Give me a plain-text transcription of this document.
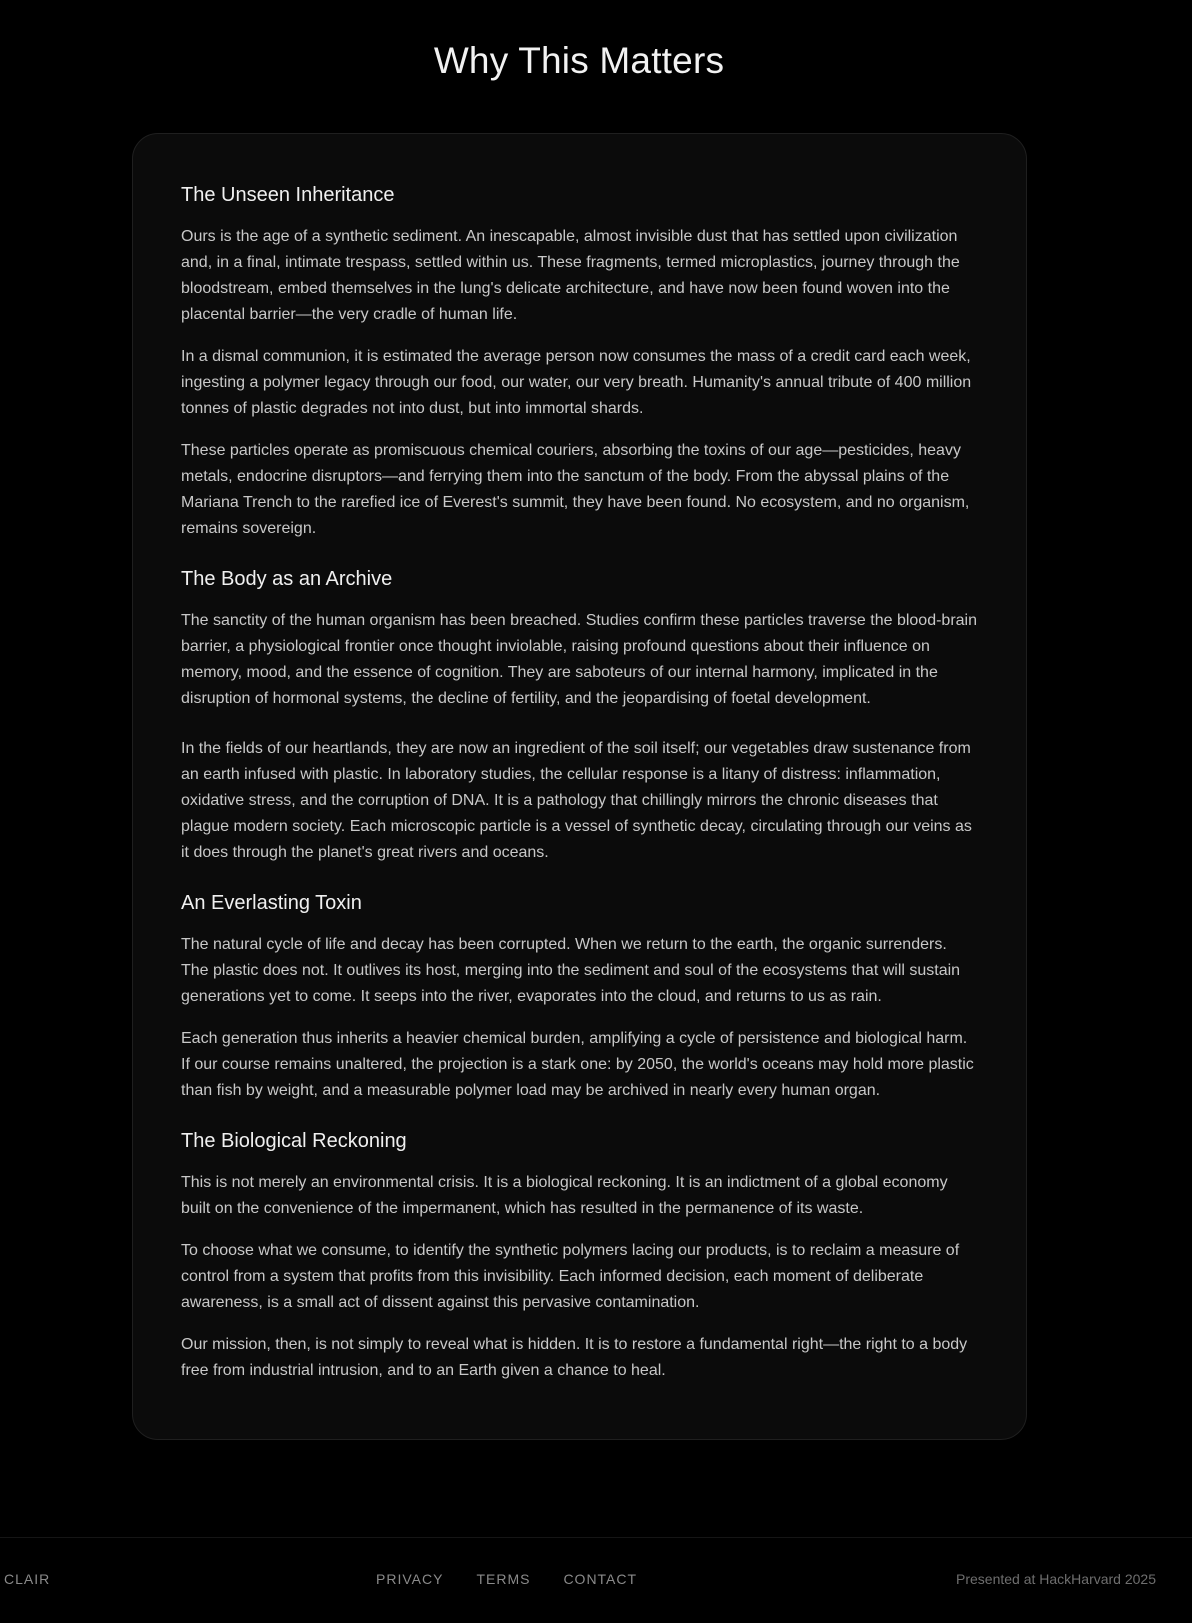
Why This Matters
The Unseen Inheritance

Ours is the age of a synthetic sediment. An inescapable, almost invisible dust that has settled upon civilization and, in a final, intimate trespass, settled within us. These fragments, termed microplastics, journey through the bloodstream, embed themselves in the lung's delicate architecture, and have now been found woven into the placental barrier—the very cradle of human life.

In a dismal communion, it is estimated the average person now consumes the mass of a credit card each week, ingesting a polymer legacy through our food, our water, our very breath. Humanity's annual tribute of 400 million tonnes of plastic degrades not into dust, but into immortal shards.

These particles operate as promiscuous chemical couriers, absorbing the toxins of our age—pesticides, heavy metals, endocrine disruptors—and ferrying them into the sanctum of the body. From the abyssal plains of the Mariana Trench to the rarefied ice of Everest's summit, they have been found. No ecosystem, and no organism, remains sovereign.

The Body as an Archive

The sanctity of the human organism has been breached. Studies confirm these particles traverse the blood-brain barrier, a physiological frontier once thought inviolable, raising profound questions about their influence on memory, mood, and the essence of cognition. They are saboteurs of our internal harmony, implicated in the disruption of hormonal systems, the decline of fertility, and the jeopardising of foetal development.

In the fields of our heartlands, they are now an ingredient of the soil itself; our vegetables draw sustenance from an earth infused with plastic. In laboratory studies, the cellular response is a litany of distress: inflammation, oxidative stress, and the corruption of DNA. It is a pathology that chillingly mirrors the chronic diseases that plague modern society. Each microscopic particle is a vessel of synthetic decay, circulating through our veins as it does through the planet's great rivers and oceans.

An Everlasting Toxin

The natural cycle of life and decay has been corrupted. When we return to the earth, the organic surrenders. The plastic does not. It outlives its host, merging into the sediment and soul of the ecosystems that will sustain generations yet to come. It seeps into the river, evaporates into the cloud, and returns to us as rain.

Each generation thus inherits a heavier chemical burden, amplifying a cycle of persistence and biological harm. If our course remains unaltered, the projection is a stark one: by 2050, the world's oceans may hold more plastic than fish by weight, and a measurable polymer load may be archived in nearly every human organ.

The Biological Reckoning

This is not merely an environmental crisis. It is a biological reckoning. It is an indictment of a global economy built on the convenience of the impermanent, which has resulted in the permanence of its waste.

To choose what we consume, to identify the synthetic polymers lacing our products, is to reclaim a measure of control from a system that profits from this invisibility. Each informed decision, each moment of deliberate awareness, is a small act of dissent against this pervasive contamination.

Our mission, then, is not simply to reveal what is hidden. It is to restore a fundamental right—the right to a body free from industrial intrusion, and to an Earth given a chance to heal.

CLAIR	PRIVACY TERMS CONTACT	Presented at HackHarvard 2025
